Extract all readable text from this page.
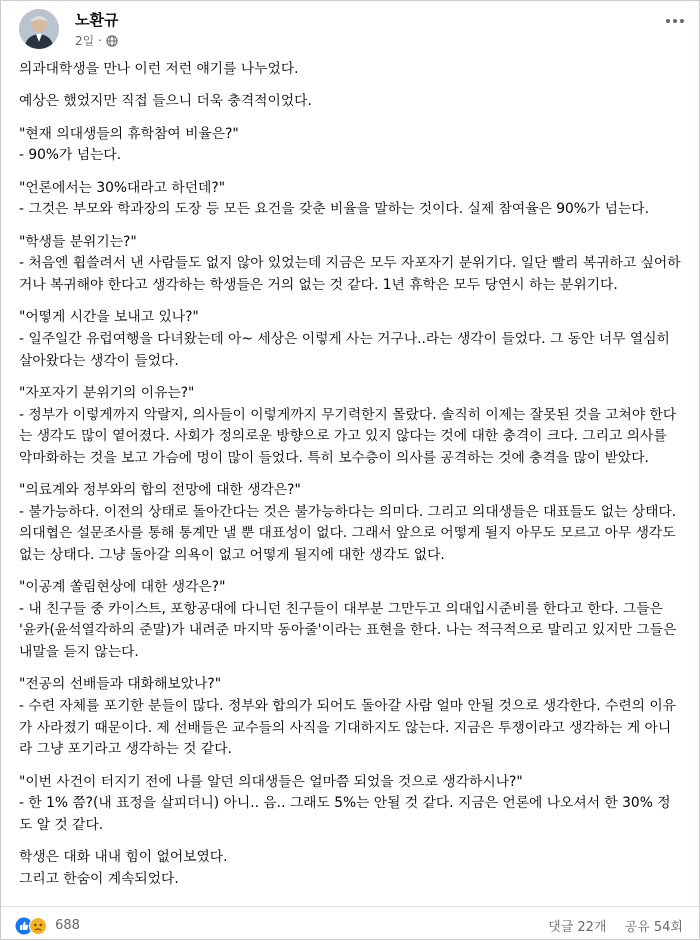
노환규
2일 ·

의과대학생을 만나 이런 저런 얘기를 나누었다.

예상은 했었지만 직접 들으니 더욱 충격적이었다.

"현재 의대생들의 휴학참여 비율은?"
- 90%가 넘는다.

"언론에서는 30%대라고 하던데?"
- 그것은 부모와 학과장의 도장 등 모든 요건을 갖춘 비율을 말하는 것이다. 실제 참여율은 90%가 넘는다.

"학생들 분위기는?"
- 처음엔 휩쓸려서 낸 사람들도 없지 않아 있었는데 지금은 모두 자포자기 분위기다. 일단 빨리 복귀하고 싶어하거나 복귀해야 한다고 생각하는 학생들은 거의 없는 것 같다. 1년 휴학은 모두 당연시 하는 분위기다.

"어떻게 시간을 보내고 있나?"
- 일주일간 유럽여행을 다녀왔는데 아~ 세상은 이렇게 사는 거구나..라는 생각이 들었다. 그 동안 너무 열심히 살아왔다는 생각이 들었다.

"자포자기 분위기의 이유는?"
- 정부가 이렇게까지 악랄지, 의사들이 이렇게까지 무기력한지 몰랐다. 솔직히 이제는 잘못된 것을 고쳐야 한다는 생각도 많이 옅어졌다. 사회가 정의로운 방향으로 가고 있지 않다는 것에 대한 충격이 크다. 그리고 의사를 악마화하는 것을 보고 가슴에 멍이 많이 들었다. 특히 보수층이 의사를 공격하는 것에 충격을 많이 받았다.

"의료계와 정부와의 합의 전망에 대한 생각은?"
- 불가능하다. 이전의 상태로 돌아간다는 것은 불가능하다는 의미다. 그리고 의대생들은 대표들도 없는 상태다. 의대협은 설문조사를 통해 통계만 낼 뿐 대표성이 없다. 그래서 앞으로 어떻게 될지 아무도 모르고 아무 생각도 없는 상태다. 그냥 돌아갈 의욕이 없고 어떻게 될지에 대한 생각도 없다.

"이공계 쏠림현상에 대한 생각은?"
- 내 친구들 중 카이스트, 포항공대에 다니던 친구들이 대부분 그만두고 의대입시준비를 한다고 한다. 그들은 '윤카(윤석열각하의 준말)가 내려준 마지막 동아줄'이라는 표현을 한다. 나는 적극적으로 말리고 있지만 그들은 내말을 듣지 않는다.

"전공의 선배들과 대화해보았나?"
- 수련 자체를 포기한 분들이 많다. 정부와 합의가 되어도 돌아갈 사람 얼마 안될 것으로 생각한다. 수련의 이유가 사라졌기 때문이다. 제 선배들은 교수들의 사직을 기대하지도 않는다. 지금은 투쟁이라고 생각하는 게 아니라 그냥 포기라고 생각하는 것 같다.

"이번 사건이 터지기 전에 나를 알던 의대생들은 얼마쯤 되었을 것으로 생각하시나?"
- 한 1% 쯤?(내 표정을 살피더니) 아니.. 음.. 그래도 5%는 안될 것 같다. 지금은 언론에 나오셔서 한 30% 정도 알 것 같다.

학생은 대화 내내 힘이 없어보였다.
그리고 한숨이 계속되었다.

688	댓글 22개 공유 54회
